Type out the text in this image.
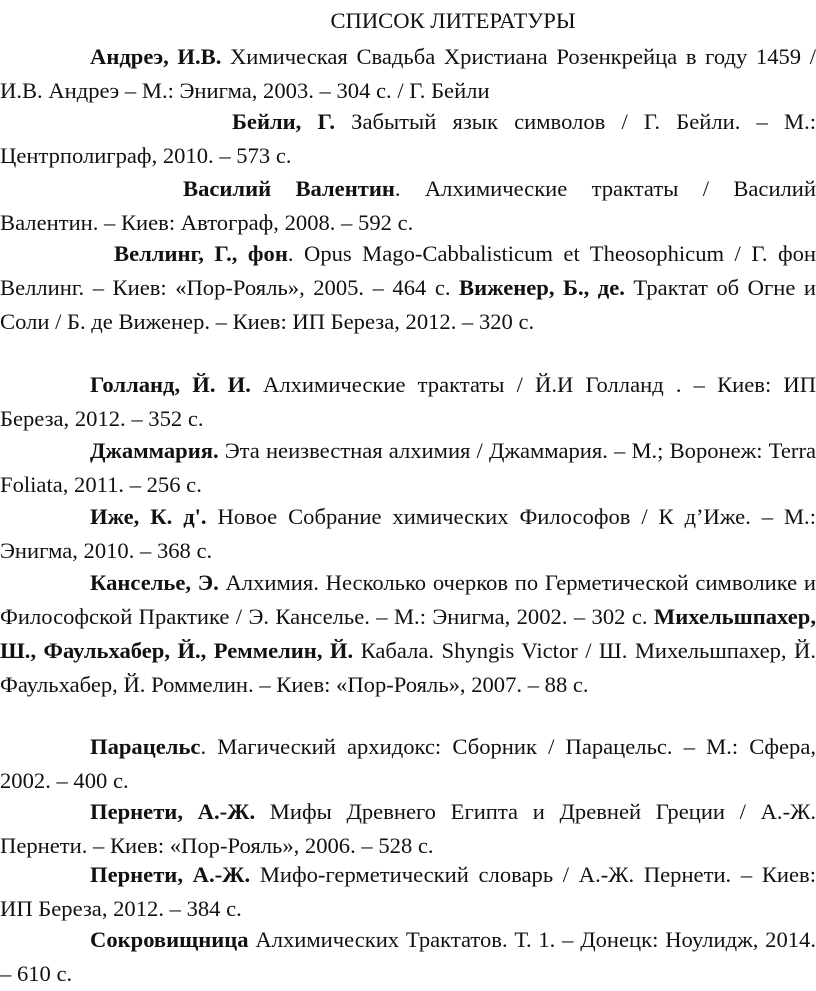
СПИСОК ЛИТЕРАТУРЫ
Андреэ, И.В. Химическая Свадьба Христиана Розенкрейца в году 1459 / И.В. Андреэ – М.: Энигма, 2003. – 304 с. / Г. Бейли
Бейли, Г. Забытый язык символов / Г. Бейли. – М.: Центрполиграф, 2010. – 573 с.
Василий Валентин. Алхимические трактаты / Василий Валентин. – Киев: Автограф, 2008. – 592 с.
Веллинг, Г., фон. Opus Mago-Cabbalisticum et Theosophicum / Г. фон Веллинг. – Киев: «Пор-Рояль», 2005. – 464 с. Виженер, Б., де. Трактат об Огне и Соли / Б. де Виженер. – Киев: ИП Береза, 2012. – 320 с.
Голланд, Й. И. Алхимические трактаты / Й.И Голланд . – Киев: ИП Береза, 2012. – 352 с.
Джаммария. Эта неизвестная алхимия / Джаммария. – М.; Воронеж: Terra Foliata, 2011. – 256 с.
Иже, К. д'. Новое Собрание химических Философов / К д’Иже. – М.: Энигма, 2010. – 368 с.
Канселье, Э. Алхимия. Несколько очерков по Герметической символике и Философской Практике / Э. Канселье. – М.: Энигма, 2002. – 302 с. Михельшпахер, Ш., Фаульхабер, Й., Реммелин, Й. Кабала. Shyngis Victor / Ш. Михельшпахер, Й. Фаульхабер, Й. Роммелин. – Киев: «Пор-Рояль», 2007. – 88 с.
Парацельс. Магический архидокс: Сборник / Парацельс. – М.: Сфера, 2002. – 400 с.
Пернети, А.-Ж. Мифы Древнего Египта и Древней Греции / А.-Ж. Пернети. – Киев: «Пор-Рояль», 2006. – 528 с.
Пернети, А.-Ж. Мифо-герметический словарь / А.-Ж. Пернети. – Киев: ИП Береза, 2012. – 384 с.
Сокровищница Алхимических Трактатов. Т. 1. – Донецк: Ноулидж, 2014. – 610 с.
